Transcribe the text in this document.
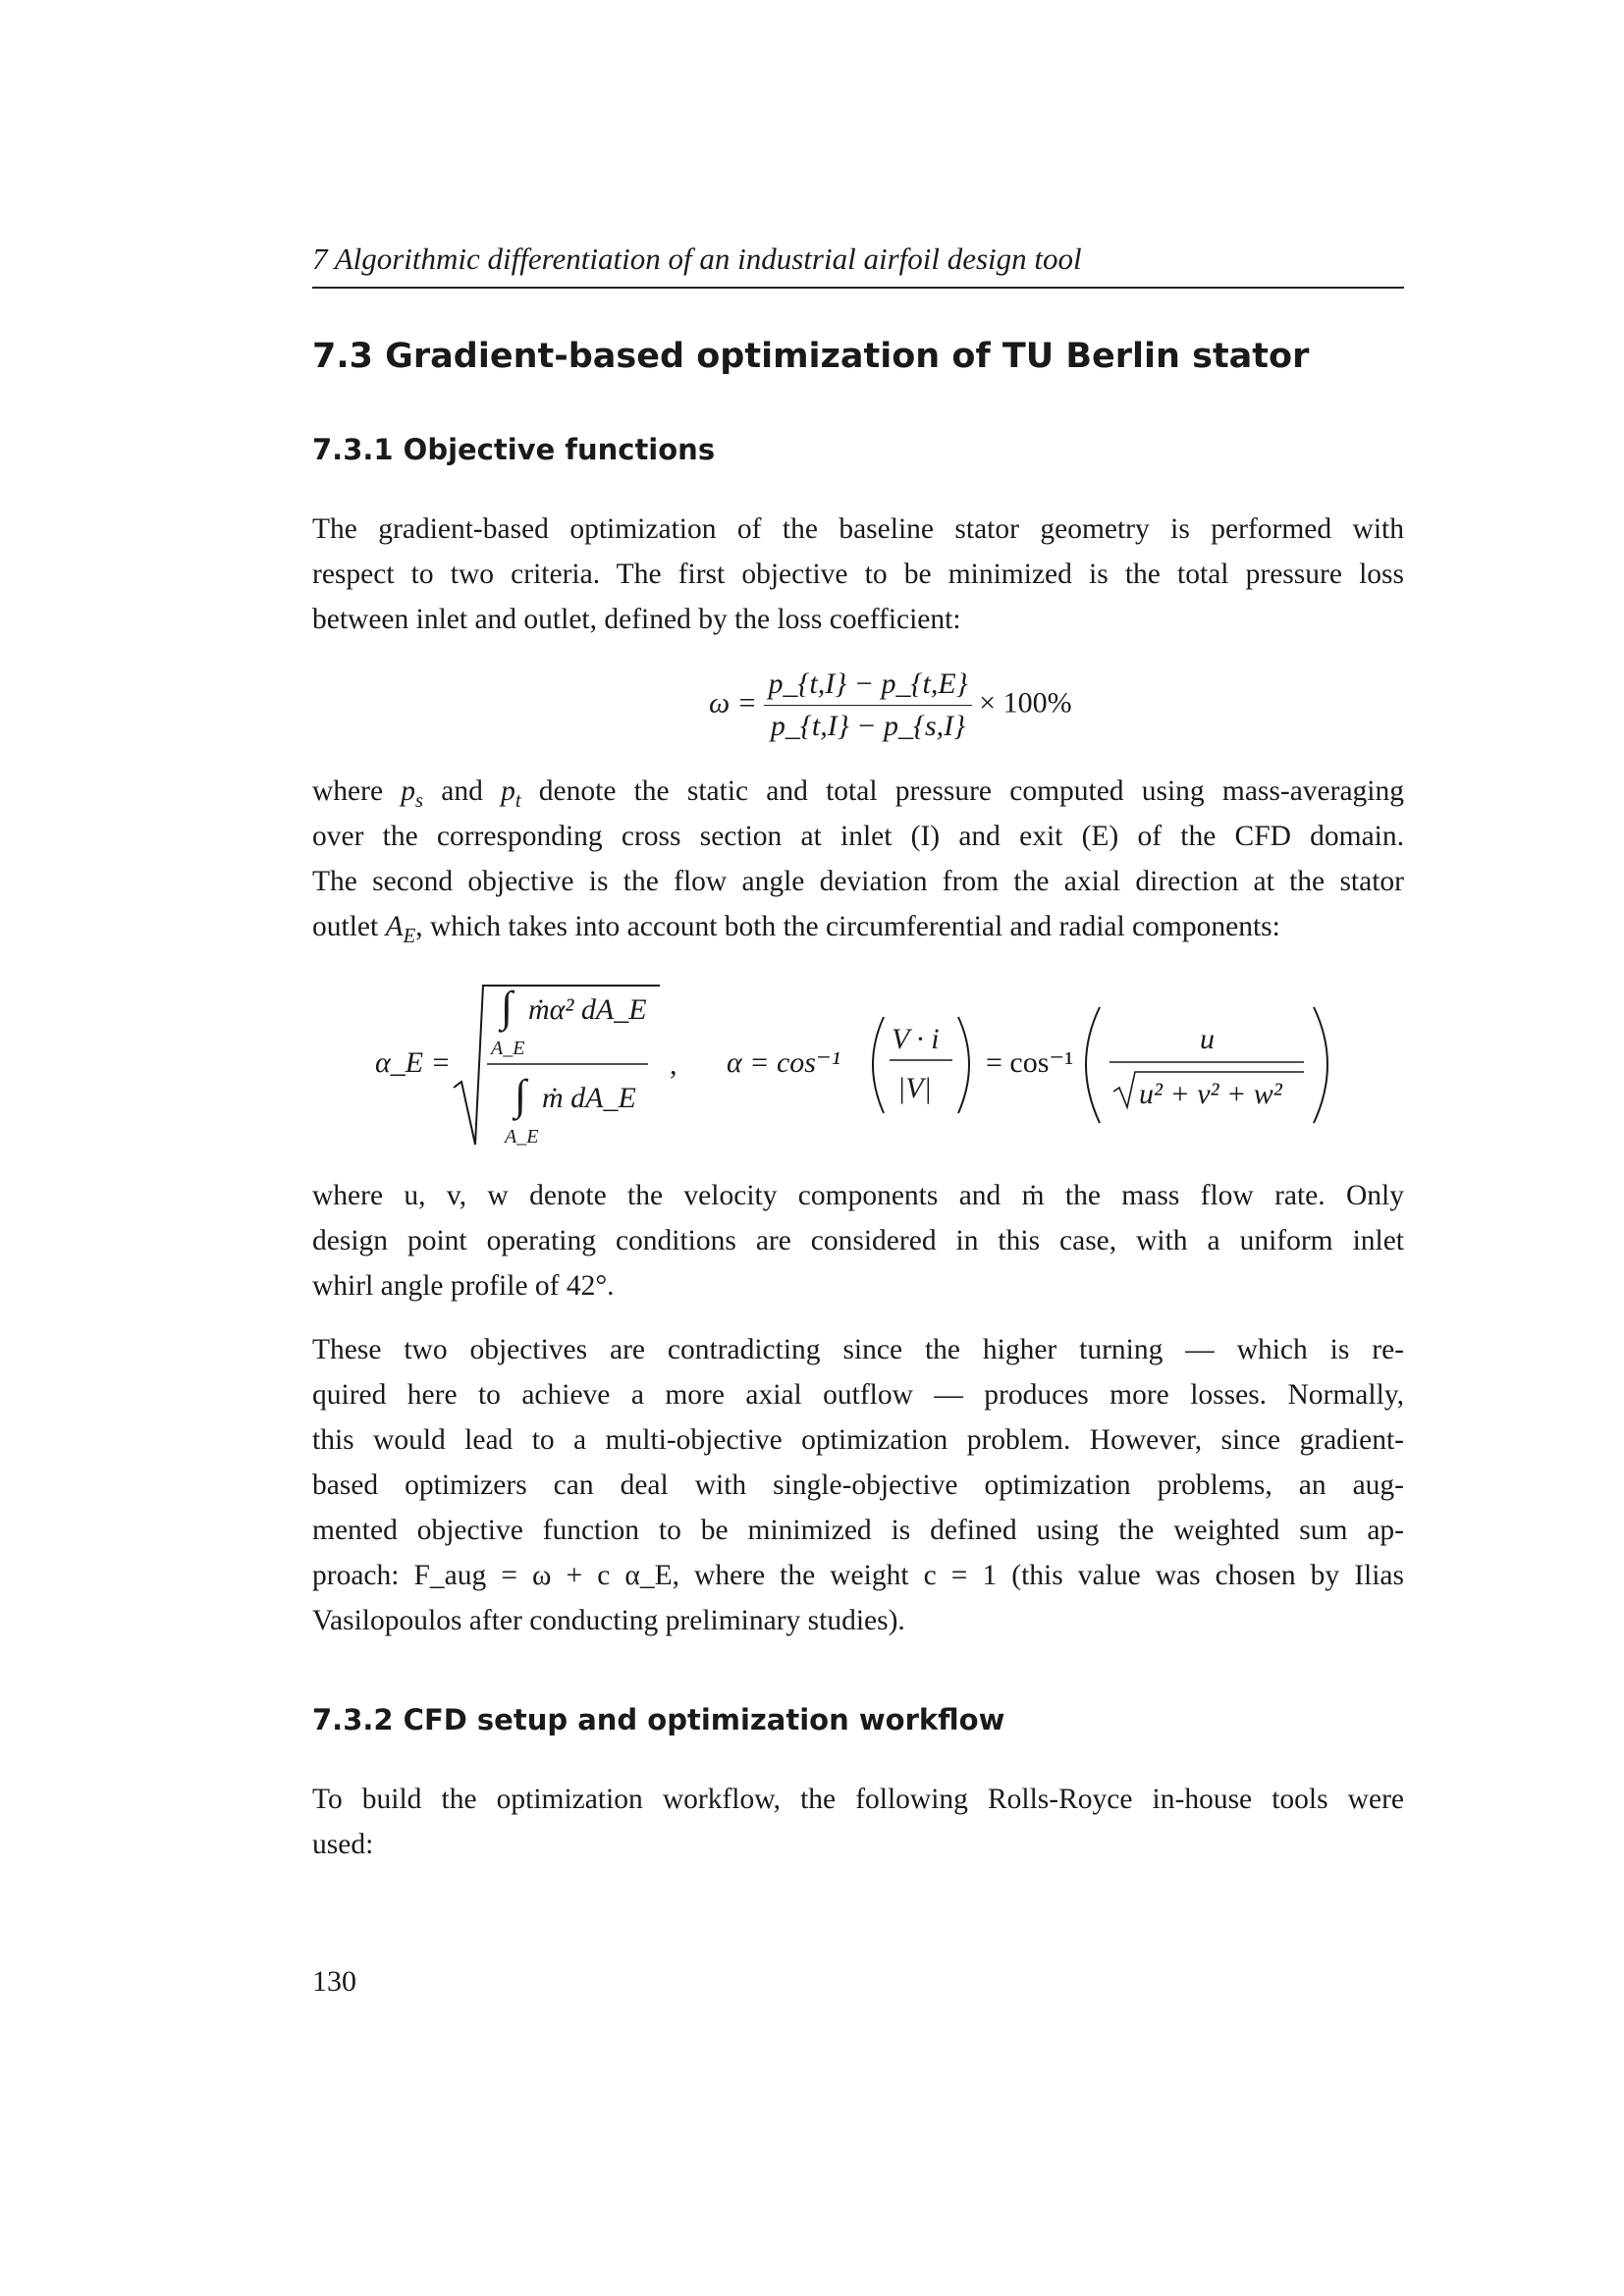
7 Algorithmic differentiation of an industrial airfoil design tool
7.3 Gradient-based optimization of TU Berlin stator
7.3.1 Objective functions
The gradient-based optimization of the baseline stator geometry is performed with
respect to two criteria. The first objective to be minimized is the total pressure loss
between inlet and outlet, defined by the loss coefficient:
$\omega = \frac{p\_\{t,I\} - p\_\{t,E\}}{p\_\{t,I\} - p\_\{s,I\}} \times 100\%$
where $p_s$ and $p_t$ denote the static and total pressure computed using mass-averaging
over the corresponding cross section at inlet (I) and exit (E) of the CFD domain.
The second objective is the flow angle deviation from the axial direction at the stator
outlet $A_E$, which takes into account both the circumferential and radial components:
α_E =
∫ ṁα² dA_E
A_E
∫ ṁ dA_E
A_E
, α = cos⁻¹
V · i
|V|
= cos⁻¹
u
u² + v² + w²
where u, v, w denote the velocity components and ṁ the mass flow rate. Only
design point operating conditions are considered in this case, with a uniform inlet
whirl angle profile of 42°.
These two objectives are contradicting since the higher turning — which is re-
quired here to achieve a more axial outflow — produces more losses. Normally,
this would lead to a multi-objective optimization problem. However, since gradient-
based optimizers can deal with single-objective optimization problems, an aug-
mented objective function to be minimized is defined using the weighted sum ap-
proach: F_aug = ω + c α_E, where the weight c = 1 (this value was chosen by Ilias
Vasilopoulos after conducting preliminary studies).
7.3.2 CFD setup and optimization workflow
To build the optimization workflow, the following Rolls-Royce in-house tools were
used:
130
